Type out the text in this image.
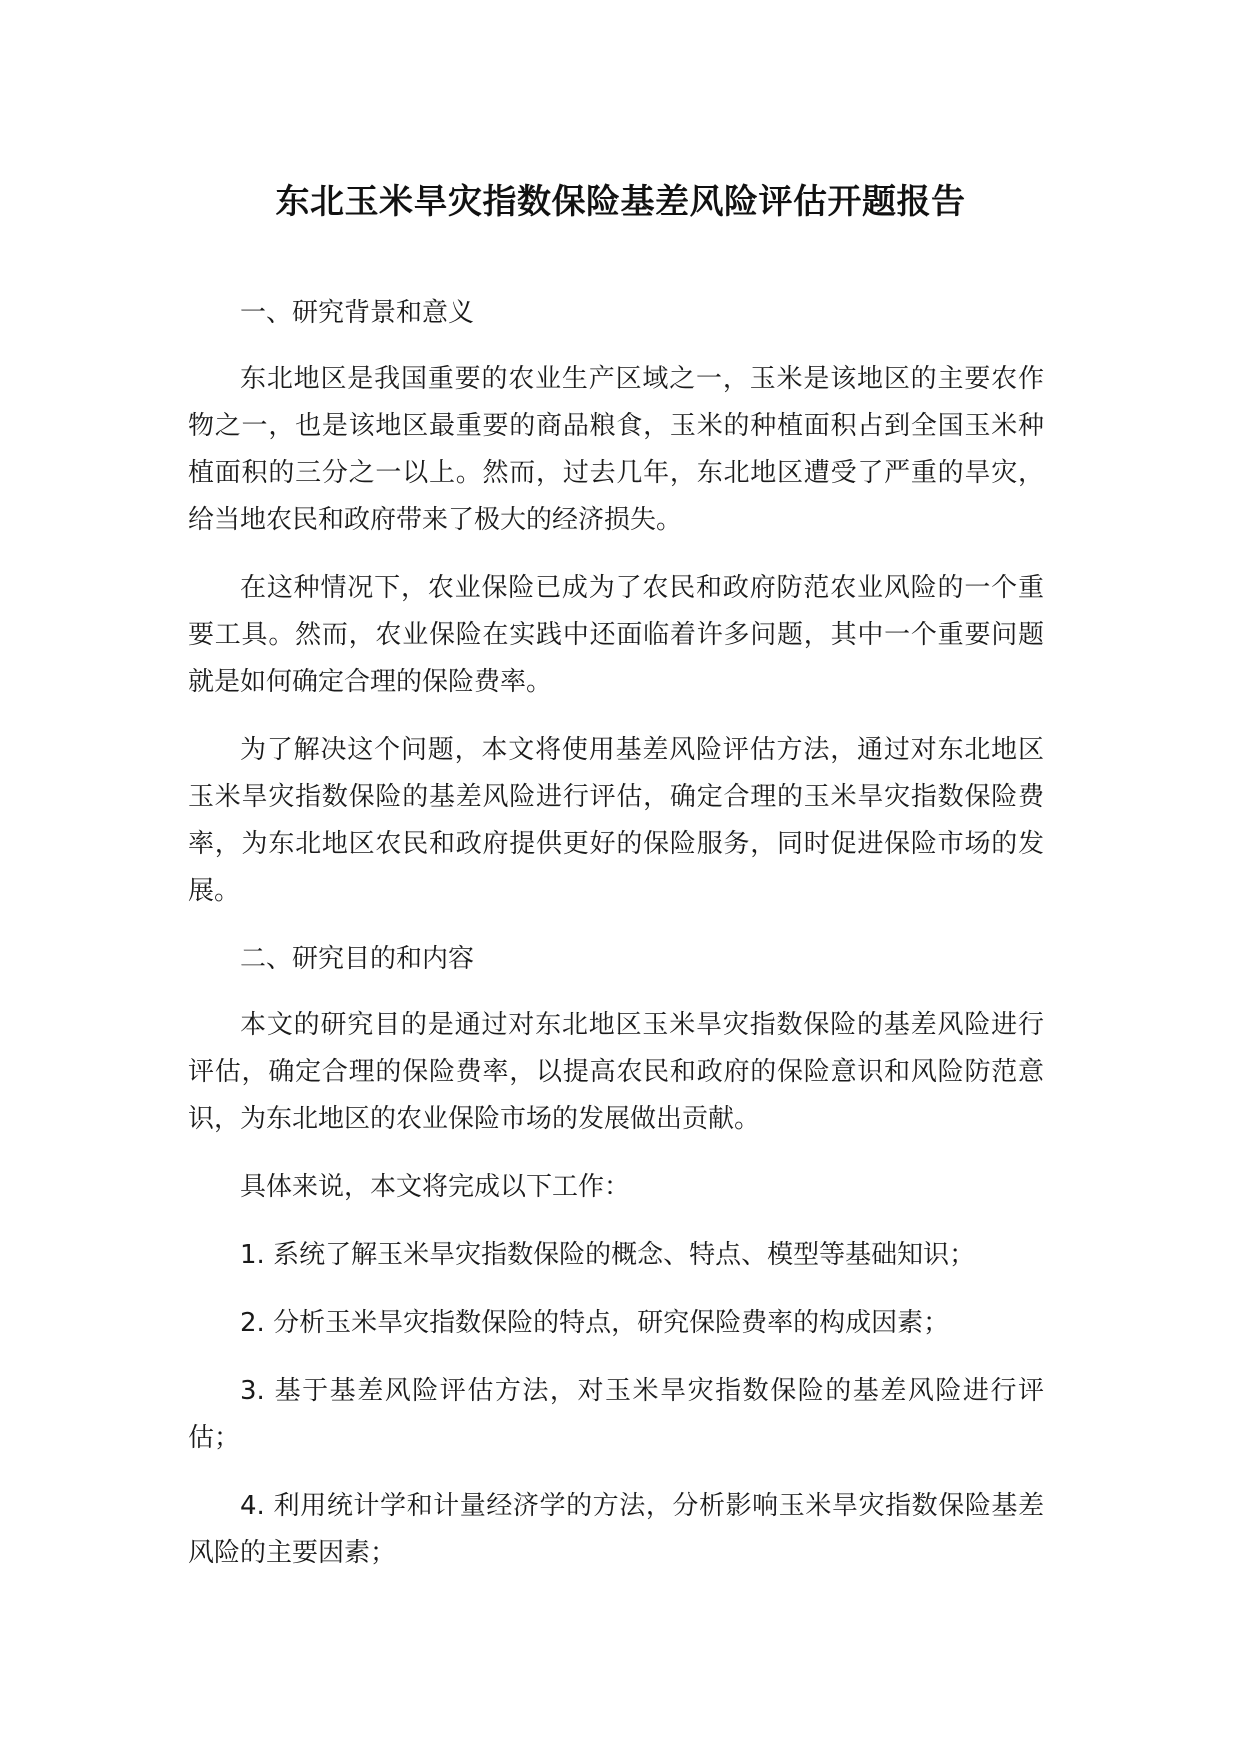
东北玉米旱灾指数保险基差风险评估开题报告

一、研究背景和意义

东北地区是我国重要的农业生产区域之一，玉米是该地区的主要农作物之一，也是该地区最重要的商品粮食，玉米的种植面积占到全国玉米种植面积的三分之一以上。然而，过去几年，东北地区遭受了严重的旱灾，给当地农民和政府带来了极大的经济损失。

在这种情况下，农业保险已成为了农民和政府防范农业风险的一个重要工具。然而，农业保险在实践中还面临着许多问题，其中一个重要问题就是如何确定合理的保险费率。

为了解决这个问题，本文将使用基差风险评估方法，通过对东北地区玉米旱灾指数保险的基差风险进行评估，确定合理的玉米旱灾指数保险费率，为东北地区农民和政府提供更好的保险服务，同时促进保险市场的发展。

二、研究目的和内容

本文的研究目的是通过对东北地区玉米旱灾指数保险的基差风险进行评估，确定合理的保险费率，以提高农民和政府的保险意识和风险防范意识，为东北地区的农业保险市场的发展做出贡献。

具体来说，本文将完成以下工作：

1. 系统了解玉米旱灾指数保险的概念、特点、模型等基础知识；

2. 分析玉米旱灾指数保险的特点，研究保险费率的构成因素；

3. 基于基差风险评估方法，对玉米旱灾指数保险的基差风险进行评估；

4. 利用统计学和计量经济学的方法，分析影响玉米旱灾指数保险基差风险的主要因素；
